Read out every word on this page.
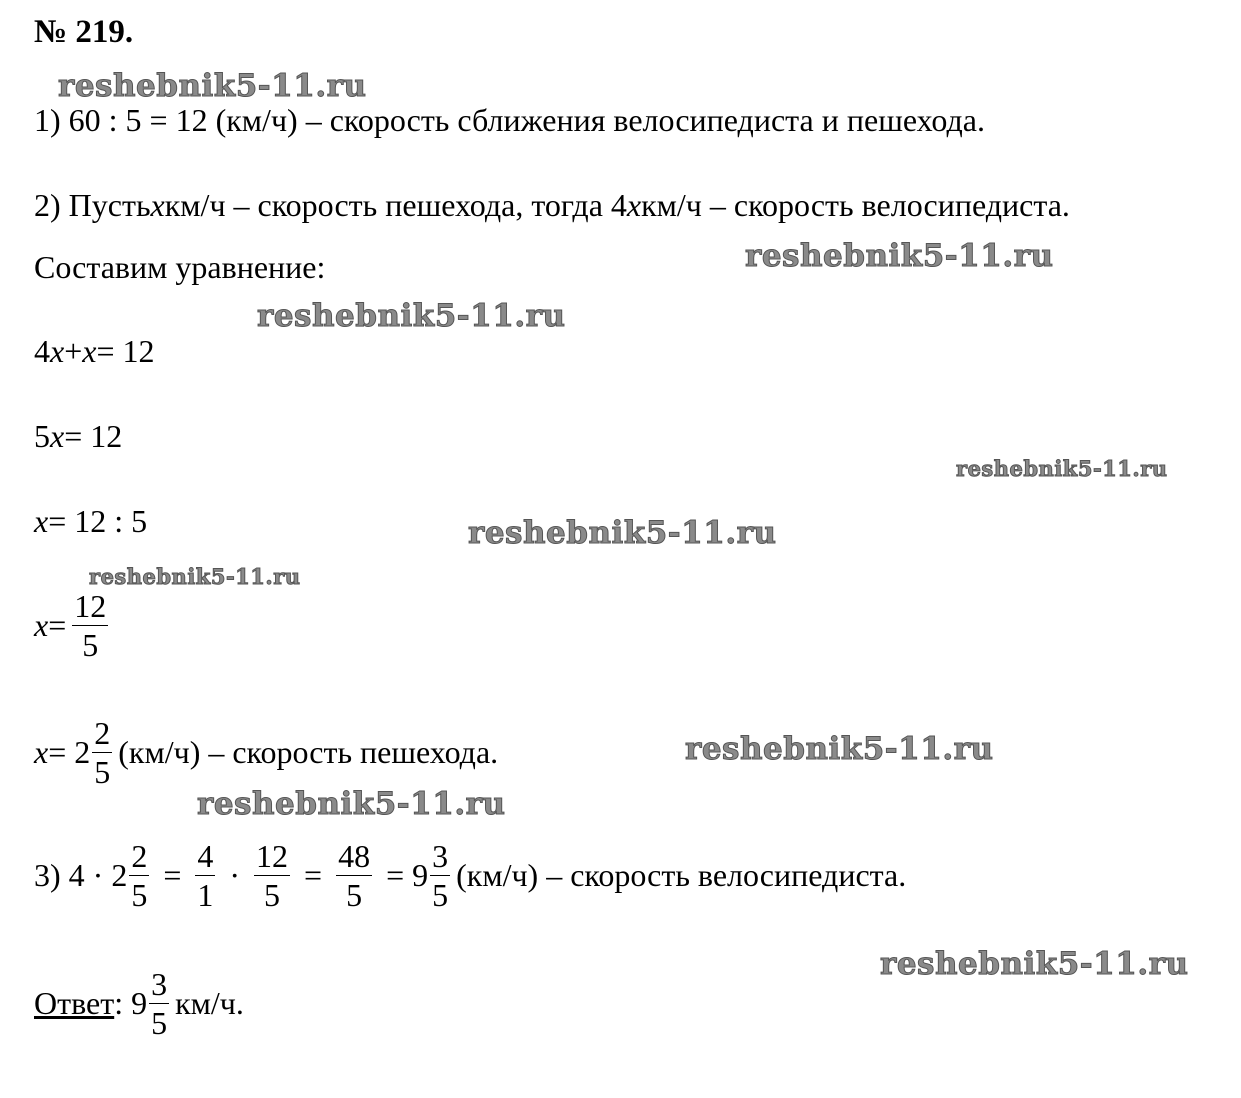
№ 219.
reshebnik5-11.ru
reshebnik5-11.ru
reshebnik5-11.ru
reshebnik5-11.ru
reshebnik5-11.ru
reshebnik5-11.ru
reshebnik5-11.ru
reshebnik5-11.ru
reshebnik5-11.ru
1) 60 : 5 = 12 (км/ч) – скорость сближения велосипедиста и пешехода.
2) Пусть x км/ч – скорость пешехода, тогда 4 x км/ч – скорость велосипедиста.
Составим уравнение:
4 x + x = 12
5 x = 12
x = 12 : 5
$x = \frac{12}{5}$
$x = 2 \frac{2}{5} (км/ч)$ – скорость пешехода.
3) $4 \cdot 2 \frac{2}{5} = \frac{4}{1} \cdot \frac{12}{5} = \frac{48}{5} = 9 \frac{3}{5} (км/ч)$ – скорость велосипедиста.
Ответ : $9 \frac{3}{5} км/ч$.
